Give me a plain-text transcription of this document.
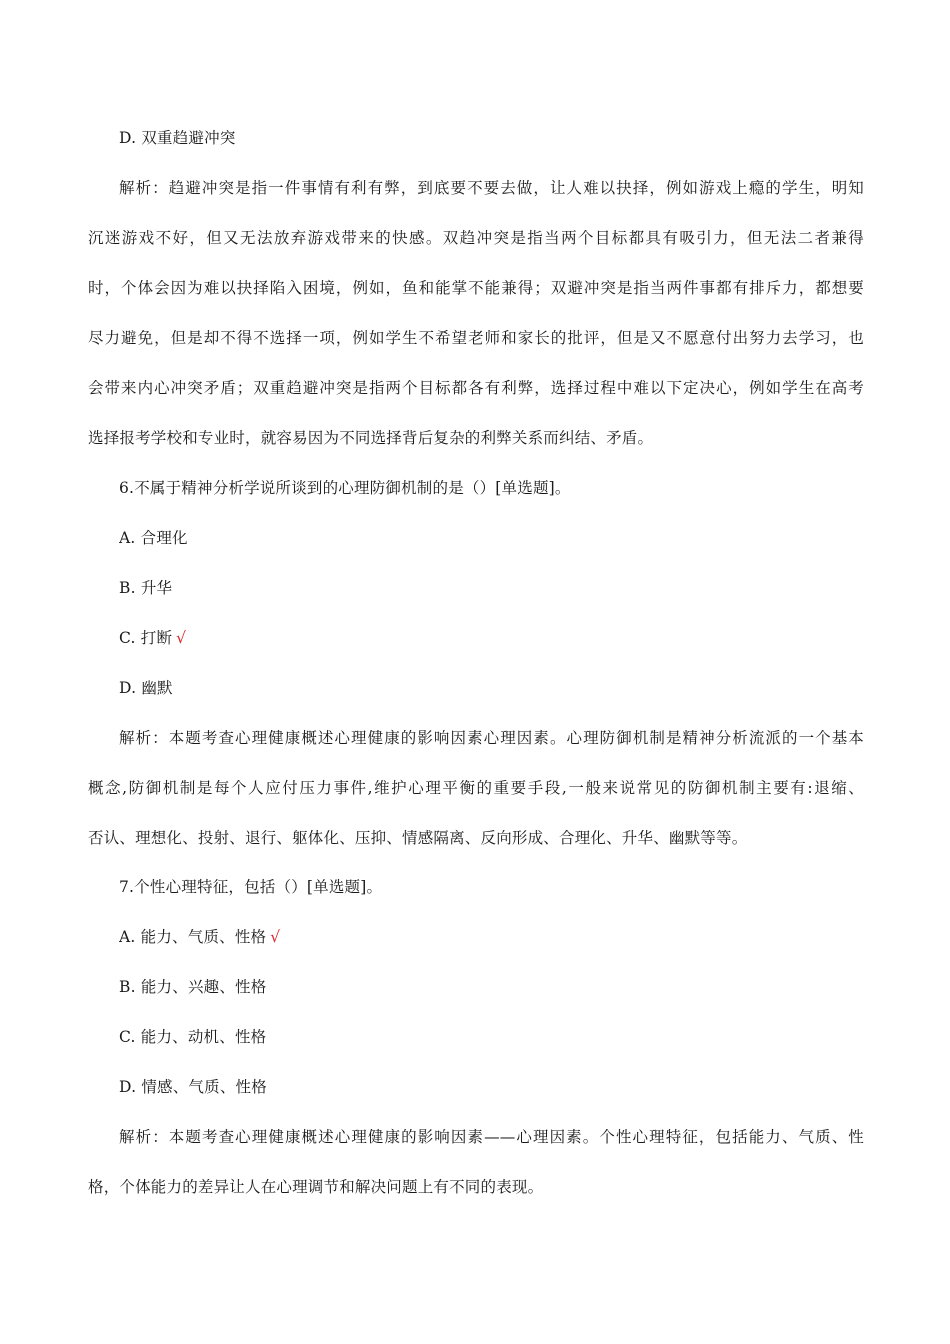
D. 双重趋避冲突
解析：趋避冲突是指一件事情有利有弊，到底要不要去做，让人难以抉择，例如游戏上瘾的学生，明知
沉迷游戏不好，但又无法放弃游戏带来的快感。双趋冲突是指当两个目标都具有吸引力，但无法二者兼得
时，个体会因为难以抉择陷入困境，例如，鱼和能掌不能兼得；双避冲突是指当两件事都有排斥力，都想要
尽力避免，但是却不得不选择一项，例如学生不希望老师和家长的批评，但是又不愿意付出努力去学习，也
会带来内心冲突矛盾；双重趋避冲突是指两个目标都各有利弊，选择过程中难以下定决心，例如学生在高考
选择报考学校和专业时，就容易因为不同选择背后复杂的利弊关系而纠结、矛盾。
6.不属于精神分析学说所谈到的心理防御机制的是（）[单选题]。
A. 合理化
B. 升华
C. 打断 √
D. 幽默
解析：本题考查心理健康概述心理健康的影响因素心理因素。心理防御机制是精神分析流派的一个基本
概念,防御机制是每个人应付压力事件,维护心理平衡的重要手段,一般来说常见的防御机制主要有:退缩、
否认、理想化、投射、退行、躯体化、压抑、情感隔离、反向形成、合理化、升华、幽默等等。
7.个性心理特征，包括（）[单选题]。
A. 能力、气质、性格 √
B. 能力、兴趣、性格
C. 能力、动机、性格
D. 情感、气质、性格
解析：本题考查心理健康概述心理健康的影响因素——心理因素。个性心理特征，包括能力、气质、性
格，个体能力的差异让人在心理调节和解决问题上有不同的表现。
